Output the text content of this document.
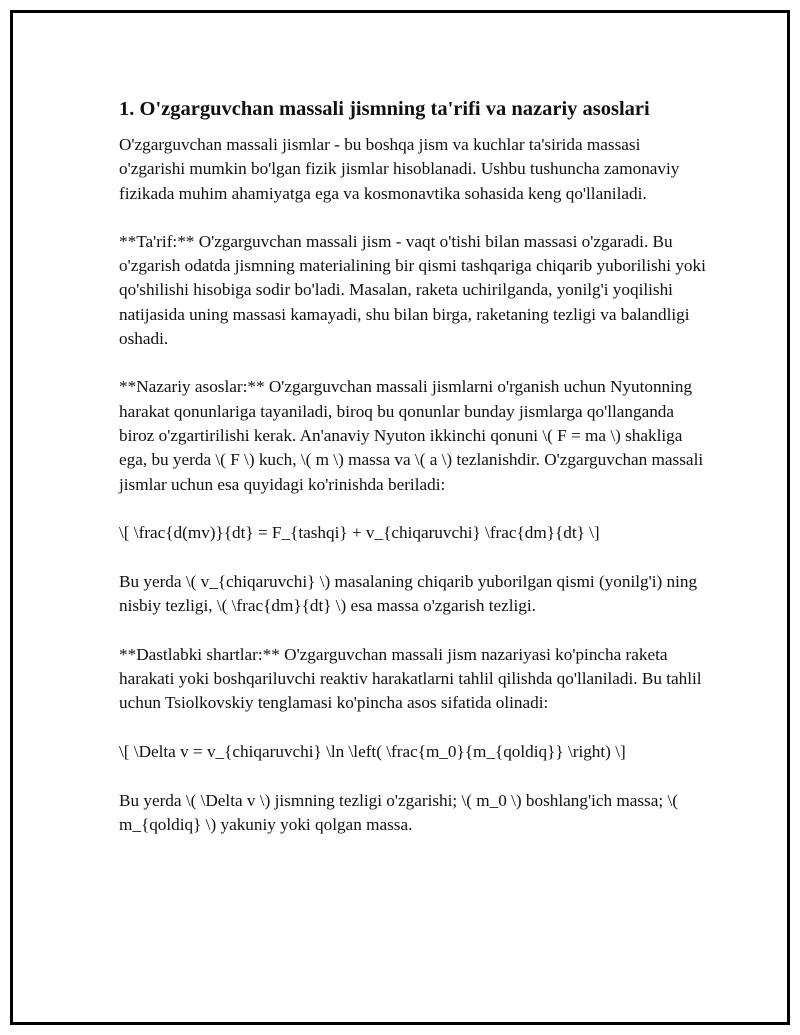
1. O'zgarguvchan massali jismning ta'rifi va nazariy asoslari

O'zgarguvchan massali jismlar - bu boshqa jism va kuchlar ta'sirida massasi o'zgarishi mumkin bo'lgan fizik jismlar hisoblanadi. Ushbu tushuncha zamonaviy fizikada muhim ahamiyatga ega va kosmonavtika sohasida keng qo'llaniladi.

**Ta'rif:** O'zgarguvchan massali jism - vaqt o'tishi bilan massasi o'zgaradi. Bu o'zgarish odatda jismning materialining bir qismi tashqariga chiqarib yuborilishi yoki qo'shilishi hisobiga sodir bo'ladi. Masalan, raketa uchirilganda, yonilg'i yoqilishi natijasida uning massasi kamayadi, shu bilan birga, raketaning tezligi va balandligi oshadi.

**Nazariy asoslar:** O'zgarguvchan massali jismlarni o'rganish uchun Nyutonning harakat qonunlariga tayaniladi, biroq bu qonunlar bunday jismlarga qo'llanganda biroz o'zgartirilishi kerak. An'anaviy Nyuton ikkinchi qonuni \( F = ma \) shakliga ega, bu yerda \( F \) kuch, \( m \) massa va \( a \) tezlanishdir. O'zgarguvchan massali jismlar uchun esa quyidagi ko'rinishda beriladi:

\[ \frac{d(mv)}{dt} = F_{tashqi} + v_{chiqaruvchi} \frac{dm}{dt} \]

Bu yerda \( v_{chiqaruvchi} \) masalaning chiqarib yuborilgan qismi (yonilg'i) ning nisbiy tezligi, \( \frac{dm}{dt} \) esa massa o'zgarish tezligi.

**Dastlabki shartlar:** O'zgarguvchan massali jism nazariyasi ko'pincha raketa harakati yoki boshqariluvchi reaktiv harakatlarni tahlil qilishda qo'llaniladi. Bu tahlil uchun Tsiolkovskiy tenglamasi ko'pincha asos sifatida olinadi:

\[ \Delta v = v_{chiqaruvchi} \ln \left( \frac{m_0}{m_{qoldiq}} \right) \]

Bu yerda \( \Delta v \) jismning tezligi o'zgarishi; \( m_0 \) boshlang'ich massa; \( m_{qoldiq} \) yakuniy yoki qolgan massa.
